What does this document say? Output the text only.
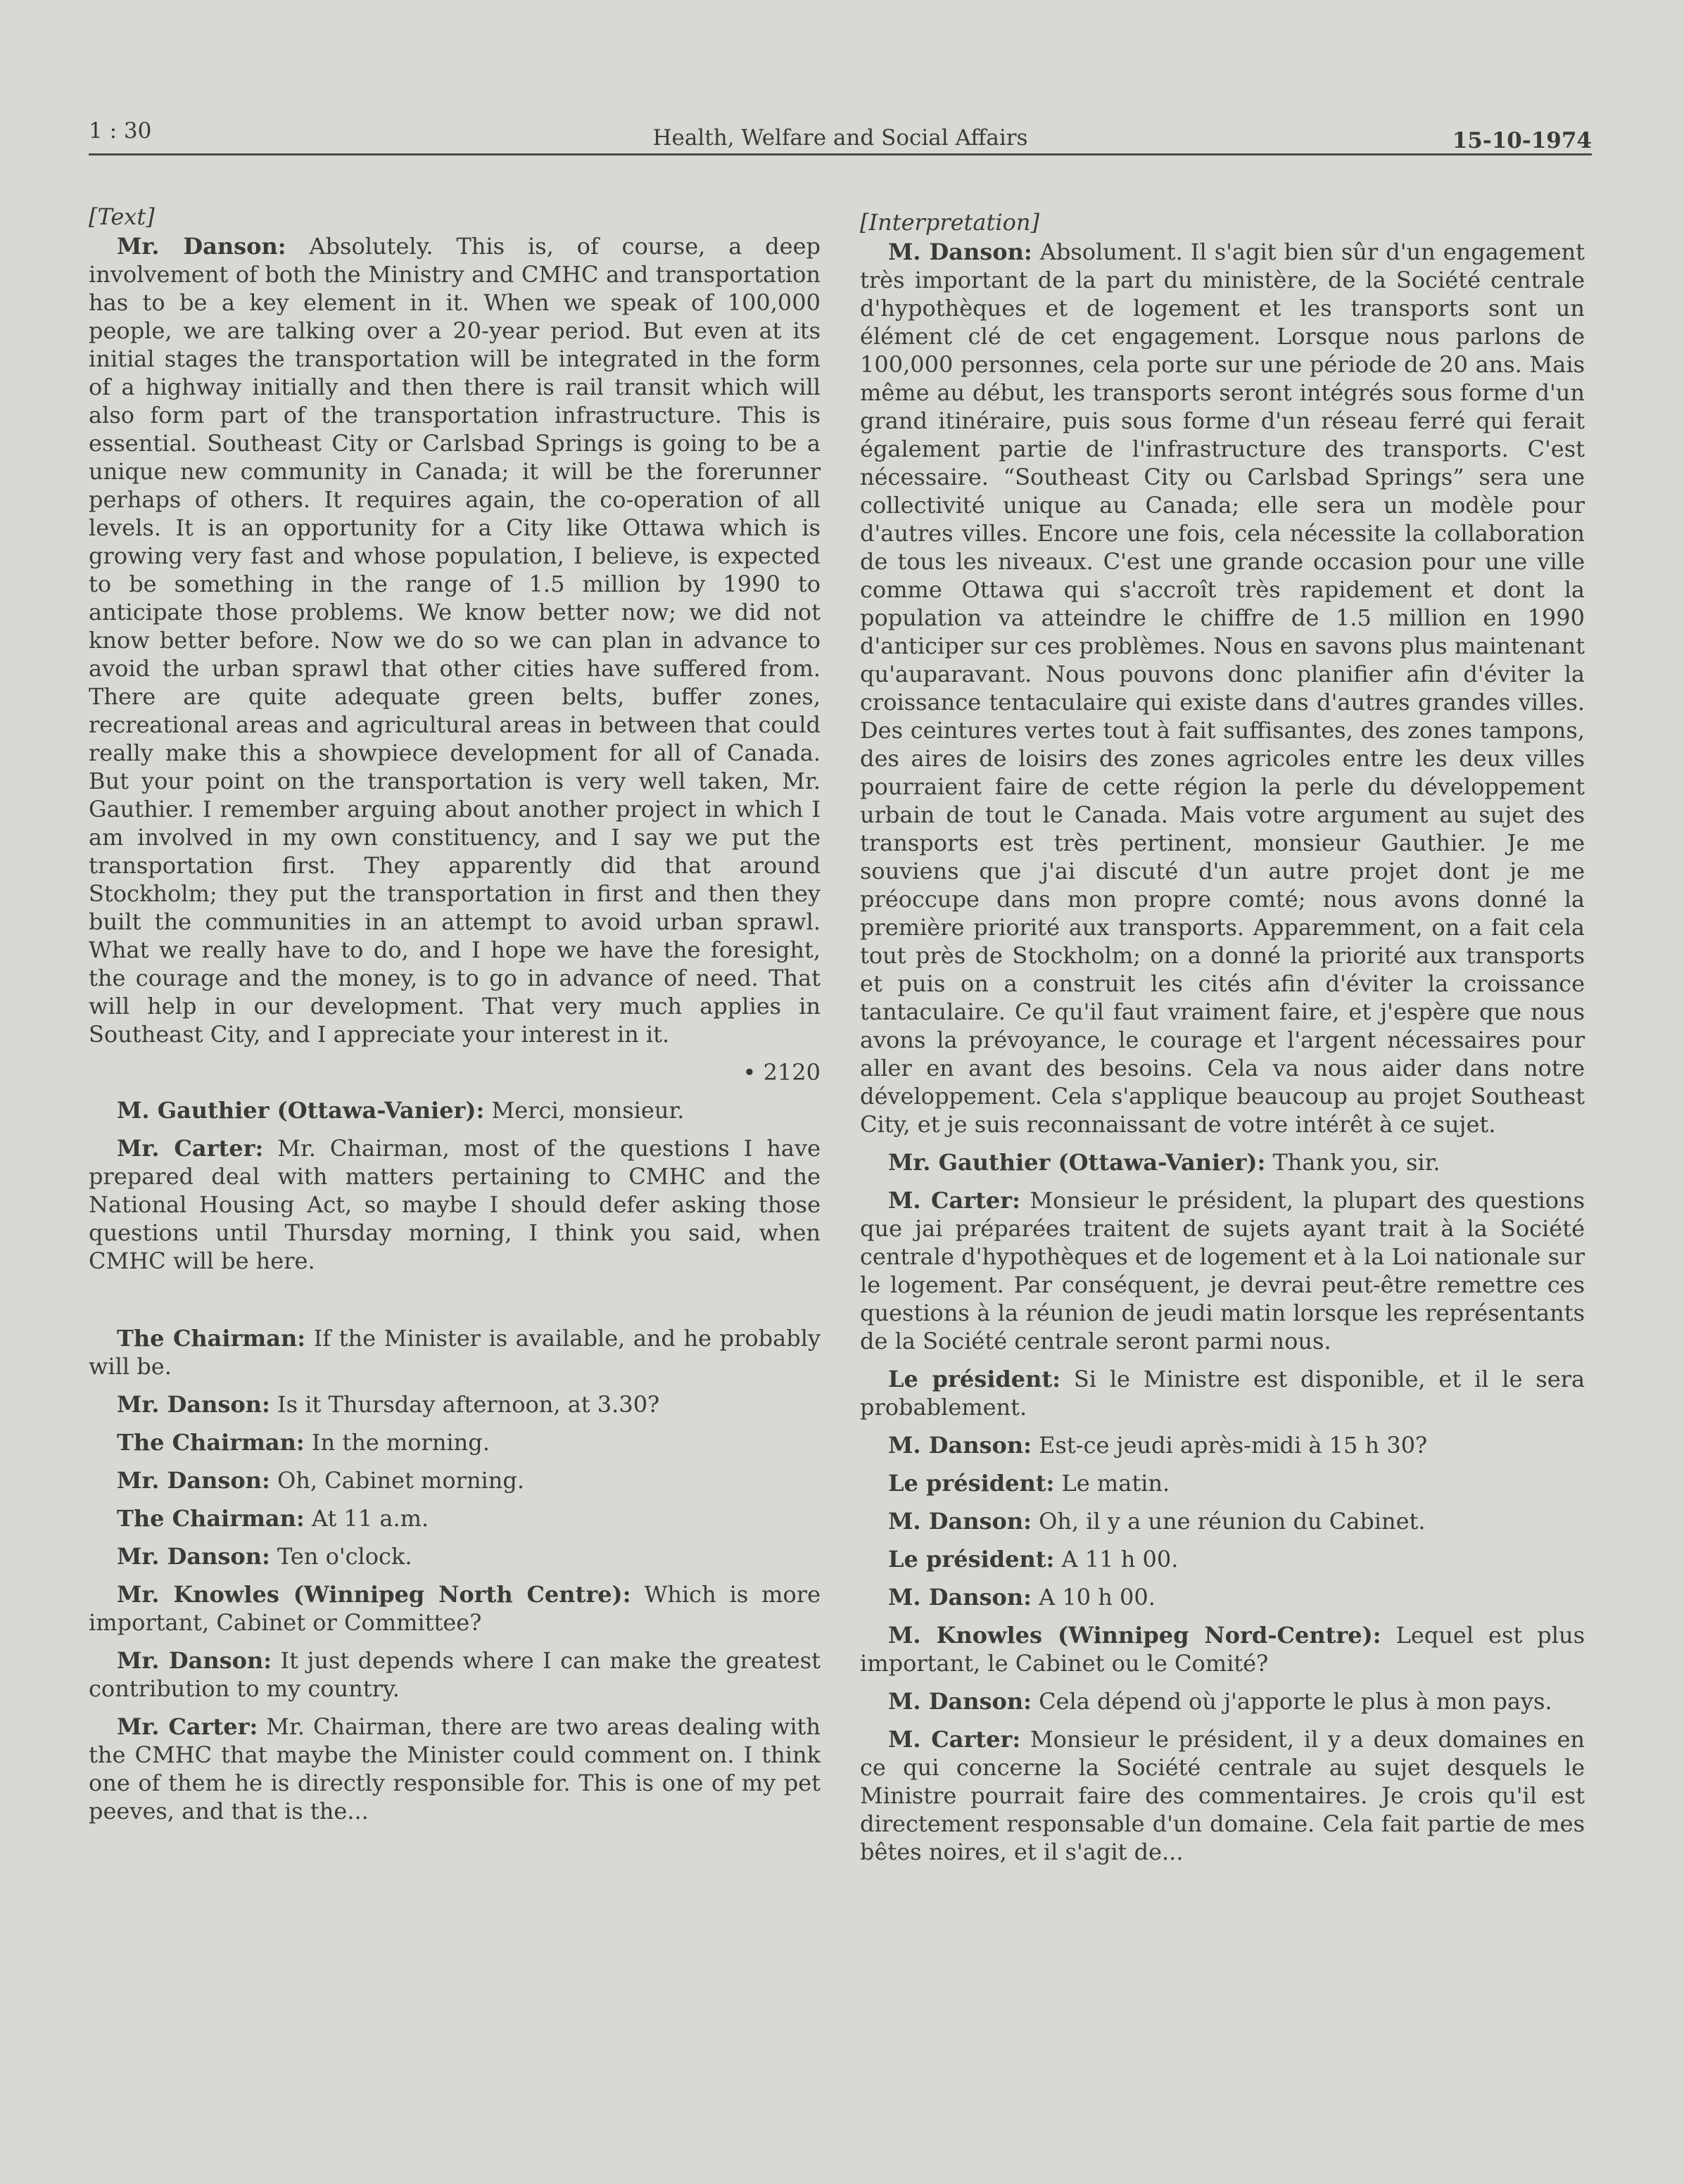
1 : 30	Health, Welfare and Social Affairs	15-10-1974
[Text]

Mr. Danson: Absolutely. This is, of course, a deep involvement of both the Ministry and CMHC and transportation has to be a key element in it. When we speak of 100,000 people, we are talking over a 20-year period. But even at its initial stages the transportation will be integrated in the form of a highway initially and then there is rail transit which will also form part of the transportation infrastructure. This is essential. Southeast City or Carlsbad Springs is going to be a unique new community in Canada; it will be the forerunner perhaps of others. It requires again, the co-operation of all levels. It is an opportunity for a City like Ottawa which is growing very fast and whose population, I believe, is expected to be something in the range of 1.5 million by 1990 to anticipate those problems. We know better now; we did not know better before. Now we do so we can plan in advance to avoid the urban sprawl that other cities have suffered from. There are quite adequate green belts, buffer zones, recreational areas and agricultural areas in between that could really make this a showpiece development for all of Canada. But your point on the transportation is very well taken, Mr. Gauthier. I remember arguing about another project in which I am involved in my own constituency, and I say we put the transportation first. They apparently did that around Stockholm; they put the transportation in first and then they built the communities in an attempt to avoid urban sprawl. What we really have to do, and I hope we have the foresight, the courage and the money, is to go in advance of need. That will help in our development. That very much applies in Southeast City, and I appreciate your interest in it.

• 2120

M. Gauthier (Ottawa-Vanier): Merci, monsieur.

Mr. Carter: Mr. Chairman, most of the questions I have prepared deal with matters pertaining to CMHC and the National Housing Act, so maybe I should defer asking those questions until Thursday morning, I think you said, when CMHC will be here.

The Chairman: If the Minister is available, and he probably will be.

Mr. Danson: Is it Thursday afternoon, at 3.30?

The Chairman: In the morning.

Mr. Danson: Oh, Cabinet morning.

The Chairman: At 11 a.m.

Mr. Danson: Ten o'clock.

Mr. Knowles (Winnipeg North Centre): Which is more important, Cabinet or Committee?

Mr. Danson: It just depends where I can make the greatest contribution to my country.

Mr. Carter: Mr. Chairman, there are two areas dealing with the CMHC that maybe the Minister could comment on. I think one of them he is directly responsible for. This is one of my pet peeves, and that is the...

[Interpretation]

M. Danson: Absolument. Il s'agit bien sûr d'un engagement très important de la part du ministère, de la Société centrale d'hypothèques et de logement et les transports sont un élément clé de cet engagement. Lorsque nous parlons de 100,000 personnes, cela porte sur une période de 20 ans. Mais même au début, les transports seront intégrés sous forme d'un grand itinéraire, puis sous forme d'un réseau ferré qui ferait également partie de l'infrastructure des transports. C'est nécessaire. “Southeast City ou Carlsbad Springs” sera une collectivité unique au Canada; elle sera un modèle pour d'autres villes. Encore une fois, cela nécessite la collaboration de tous les niveaux. C'est une grande occasion pour une ville comme Ottawa qui s'accroît très rapidement et dont la population va atteindre le chiffre de 1.5 million en 1990 d'anticiper sur ces problèmes. Nous en savons plus maintenant qu'auparavant. Nous pouvons donc planifier afin d'éviter la croissance tentaculaire qui existe dans d'autres grandes villes. Des ceintures vertes tout à fait suffisantes, des zones tampons, des aires de loisirs des zones agricoles entre les deux villes pourraient faire de cette région la perle du développement urbain de tout le Canada. Mais votre argument au sujet des transports est très pertinent, monsieur Gauthier. Je me souviens que j'ai discuté d'un autre projet dont je me préoccupe dans mon propre comté; nous avons donné la première priorité aux transports. Apparemment, on a fait cela tout près de Stockholm; on a donné la priorité aux transports et puis on a construit les cités afin d'éviter la croissance tantaculaire. Ce qu'il faut vraiment faire, et j'espère que nous avons la prévoyance, le courage et l'argent nécessaires pour aller en avant des besoins. Cela va nous aider dans notre développement. Cela s'applique beaucoup au projet Southeast City, et je suis reconnaissant de votre intérêt à ce sujet.

Mr. Gauthier (Ottawa-Vanier): Thank you, sir.

M. Carter: Monsieur le président, la plupart des questions que jai préparées traitent de sujets ayant trait à la Société centrale d'hypothèques et de logement et à la Loi nationale sur le logement. Par conséquent, je devrai peut-être remettre ces questions à la réunion de jeudi matin lorsque les représentants de la Société centrale seront parmi nous.

Le président: Si le Ministre est disponible, et il le sera probablement.

M. Danson: Est-ce jeudi après-midi à 15 h 30?

Le président: Le matin.

M. Danson: Oh, il y a une réunion du Cabinet.

Le président: A 11 h 00.

M. Danson: A 10 h 00.

M. Knowles (Winnipeg Nord-Centre): Lequel est plus important, le Cabinet ou le Comité?

M. Danson: Cela dépend où j'apporte le plus à mon pays.

M. Carter: Monsieur le président, il y a deux domaines en ce qui concerne la Société centrale au sujet desquels le Ministre pourrait faire des commentaires. Je crois qu'il est directement responsable d'un domaine. Cela fait partie de mes bêtes noires, et il s'agit de...
